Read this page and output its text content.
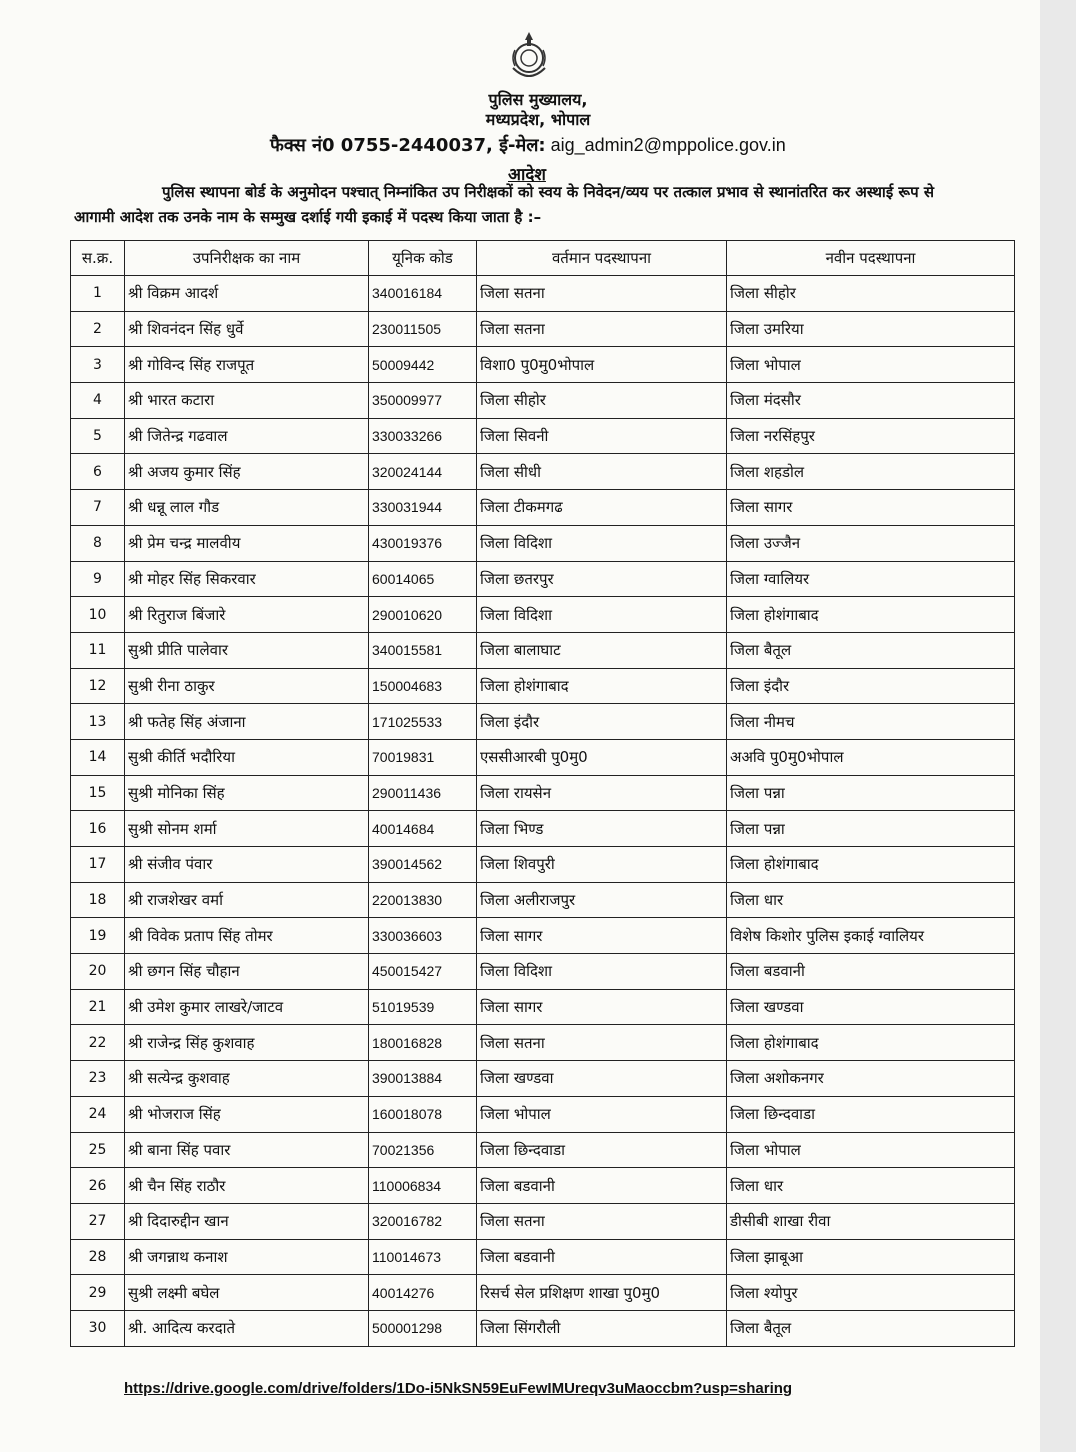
पुलिस मुख्यालय,
मध्यप्रदेश, भोपाल
फैक्स नं0 0755-2440037, ई-मेल: aig_admin2@mppolice.gov.in
आदेश
पुलिस स्थापना बोर्ड के अनुमोदन पश्चात् निम्नांकित उप निरीक्षकों को स्वय के निवेदन/व्यय पर तत्काल प्रभाव से स्थानांतरित कर अस्थाई रूप से आगामी आदेश तक उनके नाम के सम्मुख दर्शाई गयी इकाई में पदस्थ किया जाता है :–
स.क्र.	उपनिरीक्षक का नाम	यूनिक कोड	वर्तमान पदस्थापना	नवीन पदस्थापना
1	श्री विक्रम आदर्श	340016184	जिला सतना	जिला सीहोर
2	श्री शिवनंदन सिंह धुर्वे	230011505	जिला सतना	जिला उमरिया
3	श्री गोविन्द सिंह राजपूत	50009442	विशा0 पु0मु0भोपाल	जिला भोपाल
4	श्री भारत कटारा	350009977	जिला सीहोर	जिला मंदसौर
5	श्री जितेन्द्र गढवाल	330033266	जिला सिवनी	जिला नरसिंहपुर
6	श्री अजय कुमार सिंह	320024144	जिला सीधी	जिला शहडोल
7	श्री धन्नू लाल गौड	330031944	जिला टीकमगढ	जिला सागर
8	श्री प्रेम चन्द्र मालवीय	430019376	जिला विदिशा	जिला उज्जैन
9	श्री मोहर सिंह सिकरवार	60014065	जिला छतरपुर	जिला ग्वालियर
10	श्री रितुराज बिंजारे	290010620	जिला विदिशा	जिला होशंगाबाद
11	सुश्री प्रीति पालेवार	340015581	जिला बालाघाट	जिला बैतूल
12	सुश्री रीना ठाकुर	150004683	जिला होशंगाबाद	जिला इंदौर
13	श्री फतेह सिंह अंजाना	171025533	जिला इंदौर	जिला नीमच
14	सुश्री कीर्ति भदौरिया	70019831	एससीआरबी पु0मु0	अअवि पु0मु0भोपाल
15	सुश्री मोनिका सिंह	290011436	जिला रायसेन	जिला पन्ना
16	सुश्री सोनम शर्मा	40014684	जिला भिण्ड	जिला पन्ना
17	श्री संजीव पंवार	390014562	जिला शिवपुरी	जिला होशंगाबाद
18	श्री राजशेखर वर्मा	220013830	जिला अलीराजपुर	जिला धार
19	श्री विवेक प्रताप सिंह तोमर	330036603	जिला सागर	विशेष किशोर पुलिस इकाई ग्वालियर
20	श्री छगन सिंह चौहान	450015427	जिला विदिशा	जिला बडवानी
21	श्री उमेश कुमार लाखरे/जाटव	51019539	जिला सागर	जिला खण्डवा
22	श्री राजेन्द्र सिंह कुशवाह	180016828	जिला सतना	जिला होशंगाबाद
23	श्री सत्येन्द्र कुशवाह	390013884	जिला खण्डवा	जिला अशोकनगर
24	श्री भोजराज सिंह	160018078	जिला भोपाल	जिला छिन्दवाडा
25	श्री बाना सिंह पवार	70021356	जिला छिन्दवाडा	जिला भोपाल
26	श्री चैन सिंह राठौर	110006834	जिला बडवानी	जिला धार
27	श्री दिदारुद्दीन खान	320016782	जिला सतना	डीसीबी शाखा रीवा
28	श्री जगन्नाथ कनाश	110014673	जिला बडवानी	जिला झाबूआ
29	सुश्री लक्ष्मी बघेल	40014276	रिसर्च सेल प्रशिक्षण शाखा पु0मु0	जिला श्योपुर
30	श्री. आदित्य करदाते	500001298	जिला सिंगरौली	जिला बैतूल
https://drive.google.com/drive/folders/1Do-i5NkSN59EuFewIMUreqv3uMaoccbm?usp=sharing
